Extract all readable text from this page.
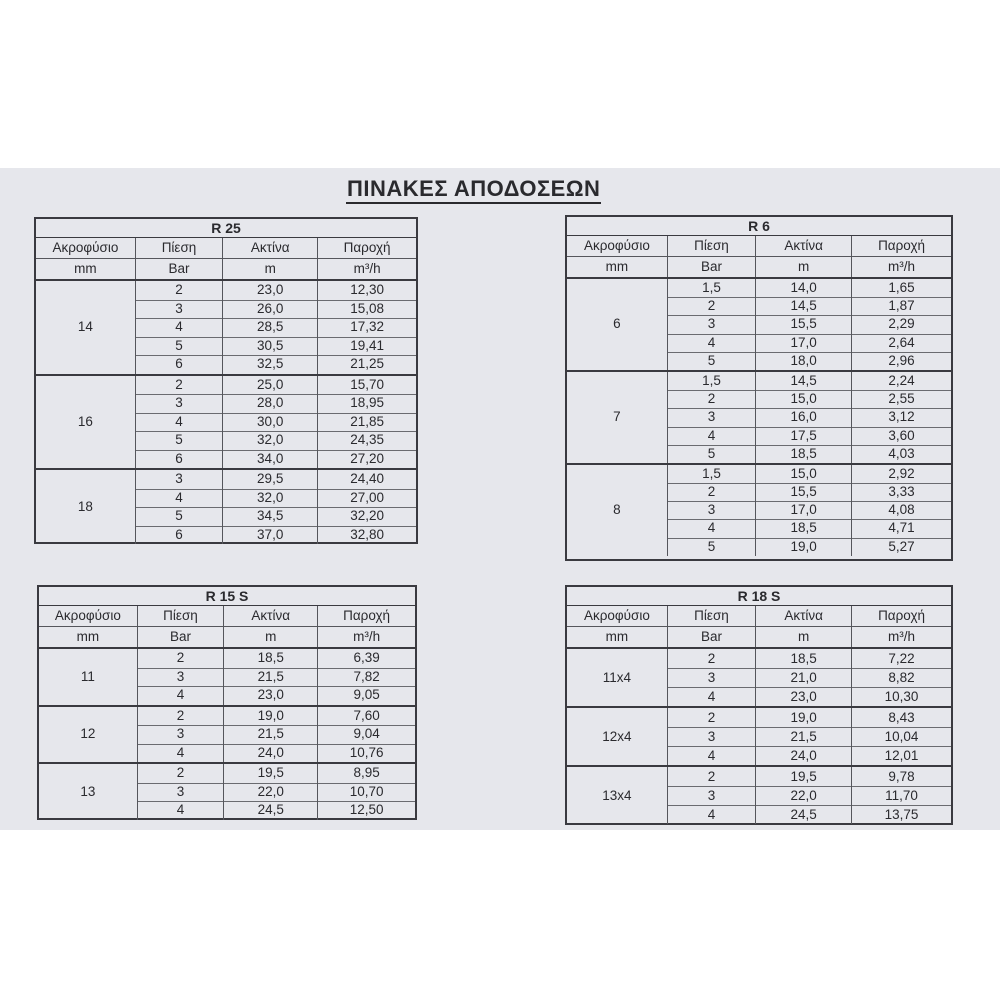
ΠΙΝΑΚΕΣ ΑΠΟΔΟΣΕΩΝ
R 25
Ακροφύσιο	Πίεση	Ακτίνα	Παροχή
mm	Bar	m	m³/h
14
2	23,0	12,30
3	26,0	15,08
4	28,5	17,32
5	30,5	19,41
6	32,5	21,25
16
2	25,0	15,70
3	28,0	18,95
4	30,0	21,85
5	32,0	24,35
6	34,0	27,20
18
3	29,5	24,40
4	32,0	27,00
5	34,5	32,20
6	37,0	32,80
R 6
Ακροφύσιο	Πίεση	Ακτίνα	Παροχή
mm	Bar	m	m³/h
6
1,5	14,0	1,65
2	14,5	1,87
3	15,5	2,29
4	17,0	2,64
5	18,0	2,96
7
1,5	14,5	2,24
2	15,0	2,55
3	16,0	3,12
4	17,5	3,60
5	18,5	4,03
8
1,5	15,0	2,92
2	15,5	3,33
3	17,0	4,08
4	18,5	4,71
5	19,0	5,27
R 15 S
Ακροφύσιο	Πίεση	Ακτίνα	Παροχή
mm	Bar	m	m³/h
11
2	18,5	6,39
3	21,5	7,82
4	23,0	9,05
12
2	19,0	7,60
3	21,5	9,04
4	24,0	10,76
13
2	19,5	8,95
3	22,0	10,70
4	24,5	12,50
R 18 S
Ακροφύσιο	Πίεση	Ακτίνα	Παροχή
mm	Bar	m	m³/h
11x4
2	18,5	7,22
3	21,0	8,82
4	23,0	10,30
12x4
2	19,0	8,43
3	21,5	10,04
4	24,0	12,01
13x4
2	19,5	9,78
3	22,0	11,70
4	24,5	13,75
